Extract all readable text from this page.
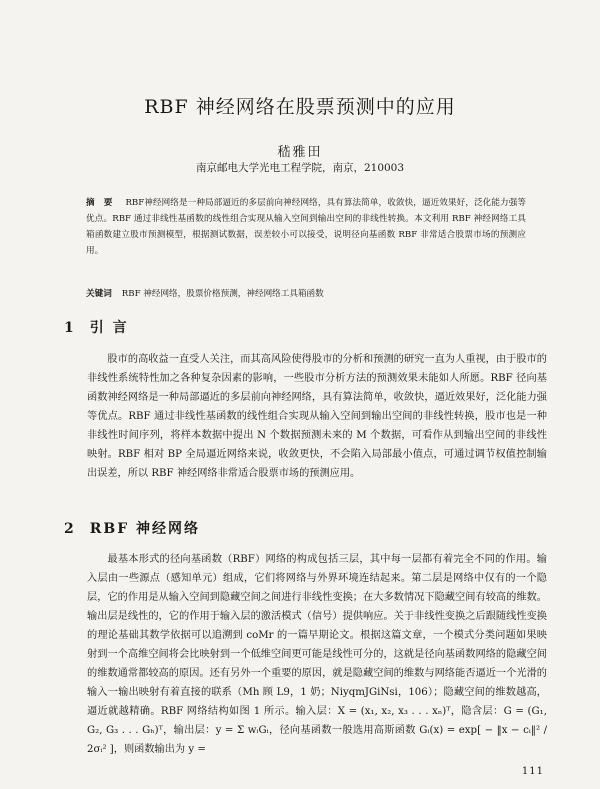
RBF 神经网络在股票预测中的应用
嵇雅田
南京邮电大学光电工程学院，南京，210003
摘 要 RBF神经网络是一种局部逼近的多层前向神经网络，具有算法简单，收敛快，逼近效果好，泛化能力强等优点。RBF 通过非线性基函数的线性组合实现从输入空间到输出空间的非线性转换。本文利用 RBF 神经网络工具箱函数建立股市预测模型，根据测试数据，误差较小可以接受，说明径向基函数 RBF 非常适合股票市场的预测应用。
关键词 RBF 神经网络，股票价格预测，神经网络工具箱函数
1 引 言
股市的高收益一直受人关注，而其高风险使得股市的分析和预测的研究一直为人重视，由于股市的非线性系统特性加之各种复杂因素的影响，一些股市分析方法的预测效果未能如人所愿。RBF 径向基函数神经网络是一种局部逼近的多层前向神经网络，具有算法简单，收敛快，逼近效果好，泛化能力强等优点。RBF 通过非线性基函数的线性组合实现从输入空间到输出空间的非线性转换，股市也是一种非线性时间序列，将样本数据中提出 N 个数据预测未来的 M 个数据，可看作从到输出空间的非线性映射。RBF 相对 BP 全局逼近网络来说，收敛更快，不会陷入局部最小值点，可通过调节权值控制输出误差，所以 RBF 神经网络非常适合股票市场的预测应用。
2 RBF 神经网络
最基本形式的径向基函数（RBF）网络的构成包括三层，其中每一层都有着完全不同的作用。输入层由一些源点（感知单元）组成，它们将网络与外界环境连结起来。第二层是网络中仅有的一个隐层，它的作用是从输入空间到隐藏空间之间进行非线性变换；在大多数情况下隐藏空间有较高的维数。输出层是线性的，它的作用于输入层的激活模式（信号）提供响应。关于非线性变换之后跟随线性变换的理论基础其数学依据可以追溯到 coMr 的一篇早期论文。根据这篇文章，一个模式分类问题如果映射到一个高维空间将会比映射到一个低维空间更可能是线性可分的，这就是径向基函数网络的隐藏空间的维数通常都较高的原因。还有另外一个重要的原因，就是隐藏空间的维数与网络能否逼近一个光滑的输入一输出映射有着直接的联系（Mh 顾 L9，1 奶；NiyqmJGiNsi，106）；隐藏空间的维数越高，逼近就越精确。RBF 网络结构如图 1 所示。输入层：X = (x₁, x₂, x₃ . . . xₙ)ᵀ，隐含层：G = (G₁, G₂, G₃ . . . Gₕ)ᵀ，输出层：y = Σ wᵢGᵢ，径向基函数一般选用高斯函数 Gᵢ(x) = exp[ − ‖x − cᵢ‖² / 2σᵢ² ]，则函数输出为 y =
111
